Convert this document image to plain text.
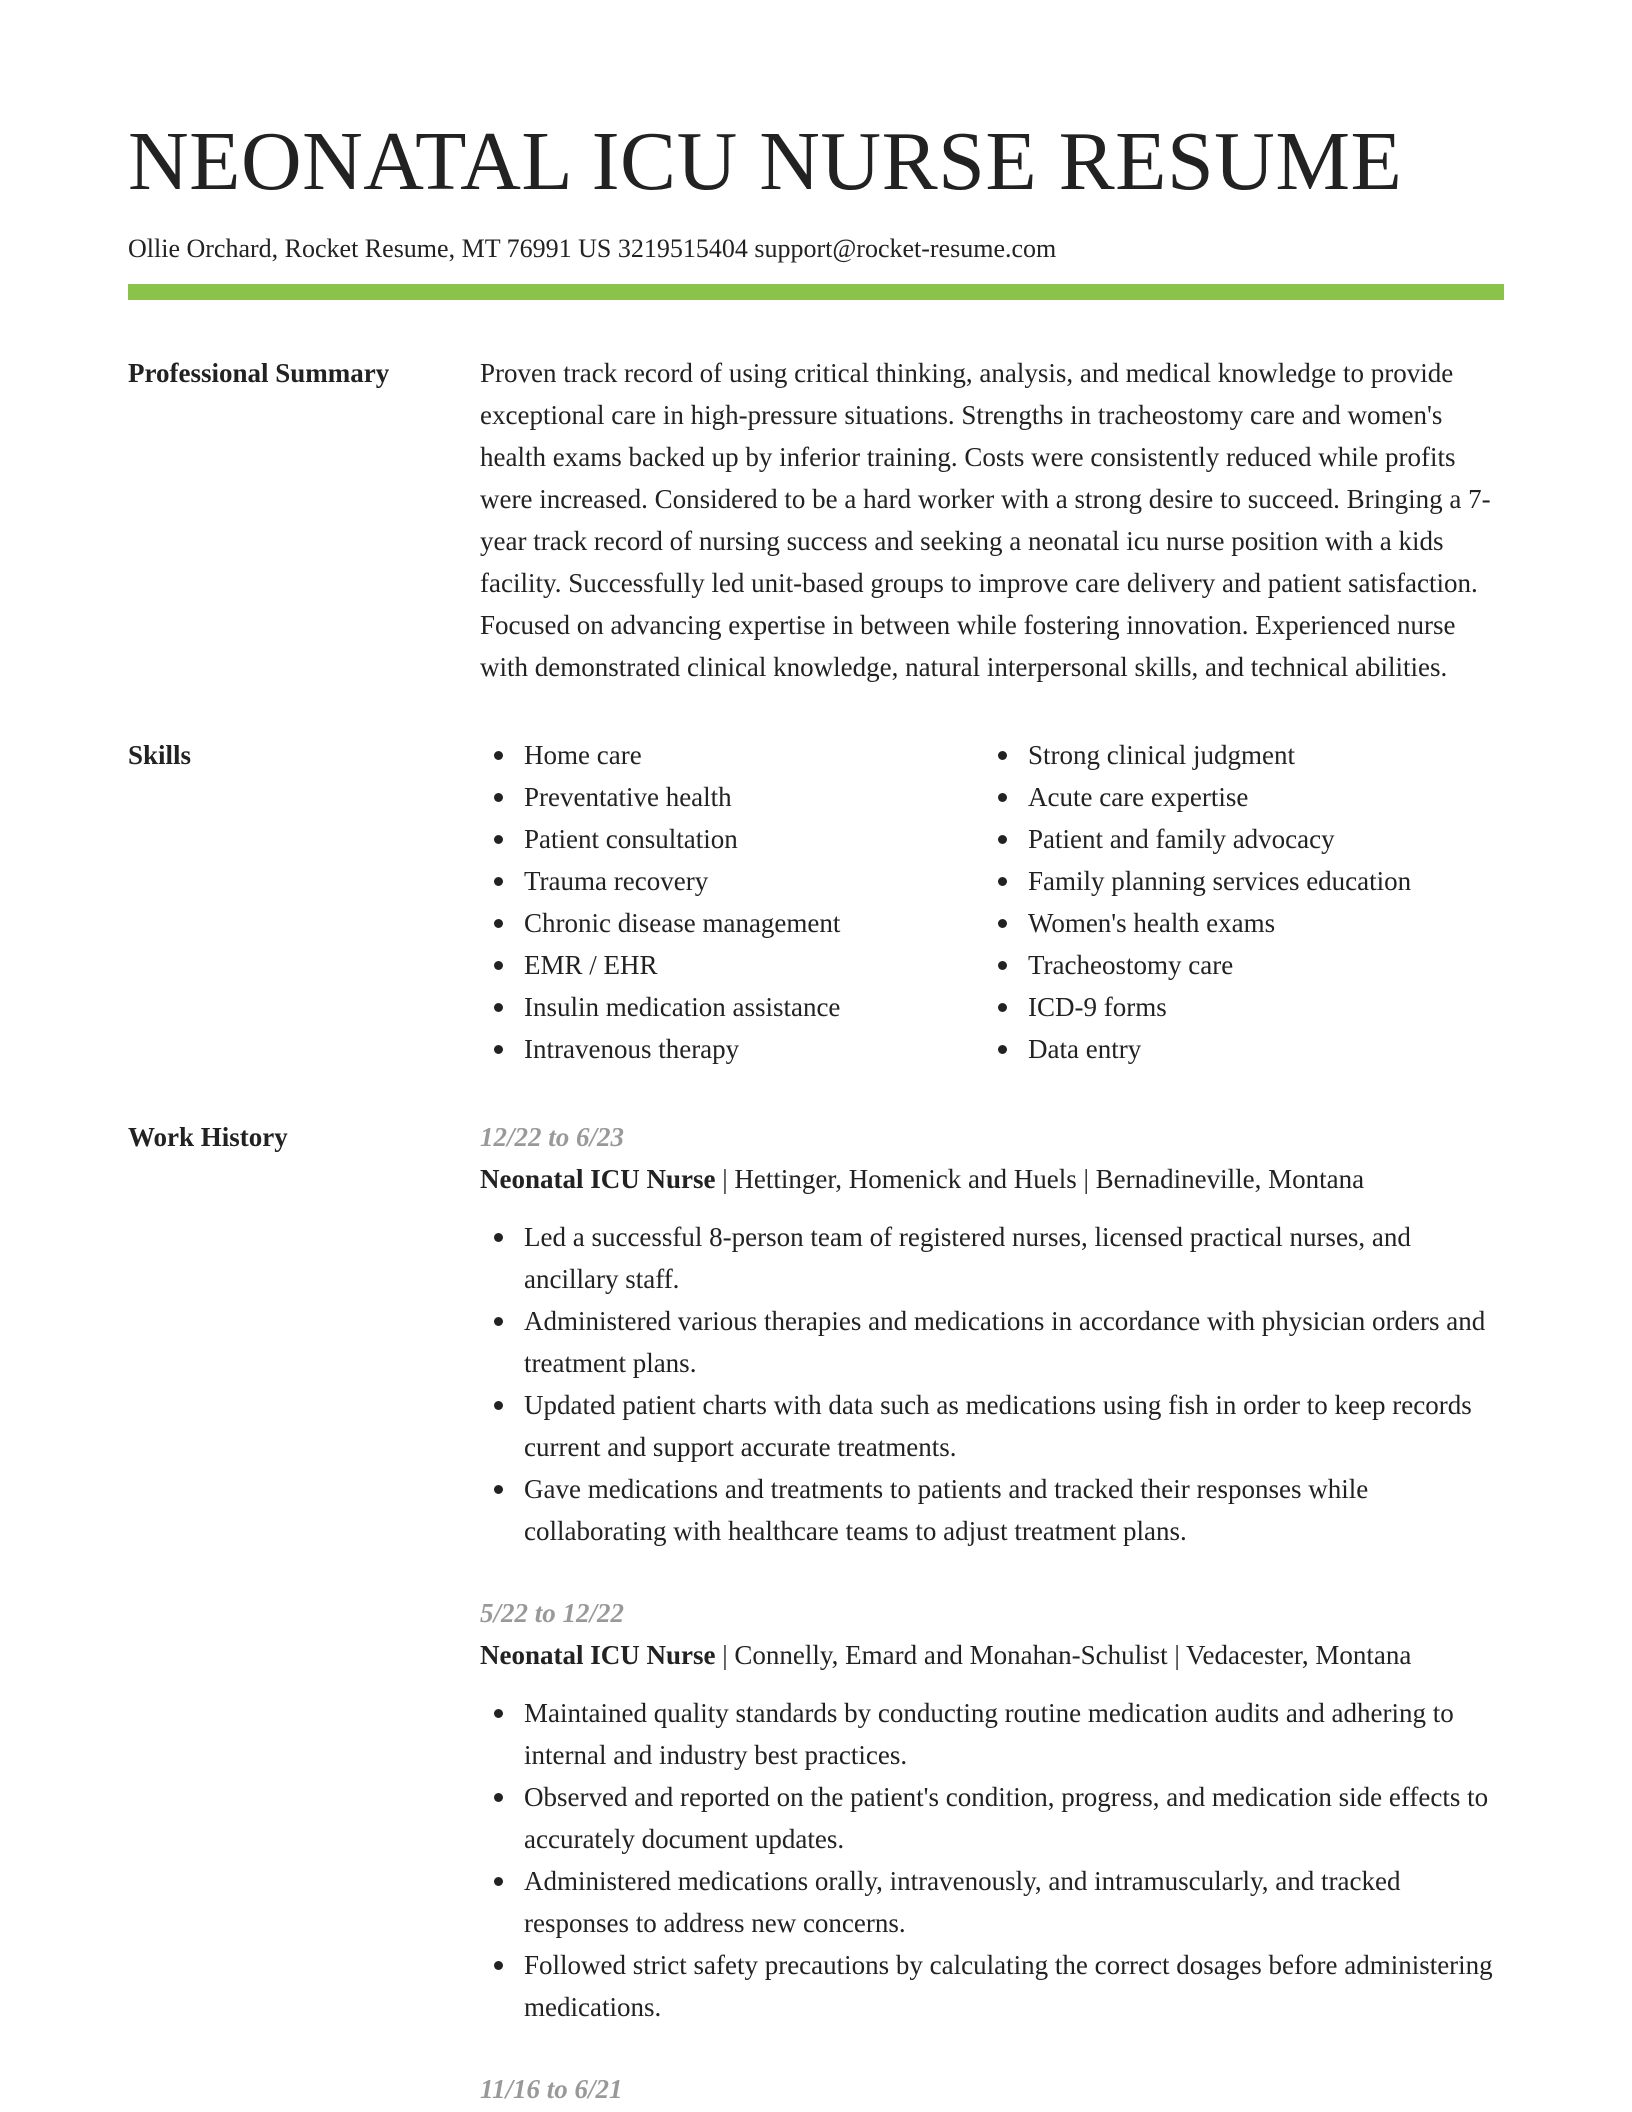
NEONATAL ICU NURSE RESUME
Ollie Orchard, Rocket Resume, MT 76991 US 3219515404 support@rocket-resume.com
Professional Summary	Proven track record of using critical thinking, analysis, and medical knowledge to provide exceptional care in high-pressure situations. Strengths in tracheostomy care and women's health exams backed up by inferior training. Costs were consistently reduced while profits were increased. Considered to be a hard worker with a strong desire to succeed. Bringing a 7-year track record of nursing success and seeking a neonatal icu nurse position with a kids facility. Successfully led unit-based groups to improve care delivery and patient satisfaction. Focused on advancing expertise in between while fostering innovation. Experienced nurse with demonstrated clinical knowledge, natural interpersonal skills, and technical abilities.
Skills	Home care
Preventative health
Patient consultation
Trauma recovery
Chronic disease management
EMR / EHR
Insulin medication assistance
Intravenous therapy
Strong clinical judgment
Acute care expertise
Patient and family advocacy
Family planning services education
Women's health exams
Tracheostomy care
ICD-9 forms
Data entry
Work History	12/22 to 6/23
Neonatal ICU Nurse | Hettinger, Homenick and Huels | Bernadineville, Montana
Led a successful 8-person team of registered nurses, licensed practical nurses, and ancillary staff.
Administered various therapies and medications in accordance with physician orders and treatment plans.
Updated patient charts with data such as medications using fish in order to keep records current and support accurate treatments.
Gave medications and treatments to patients and tracked their responses while collaborating with healthcare teams to adjust treatment plans.
5/22 to 12/22
Neonatal ICU Nurse | Connelly, Emard and Monahan-Schulist | Vedacester, Montana
Maintained quality standards by conducting routine medication audits and adhering to internal and industry best practices.
Observed and reported on the patient's condition, progress, and medication side effects to accurately document updates.
Administered medications orally, intravenously, and intramuscularly, and tracked responses to address new concerns.
Followed strict safety precautions by calculating the correct dosages before administering medications.
11/16 to 6/21
